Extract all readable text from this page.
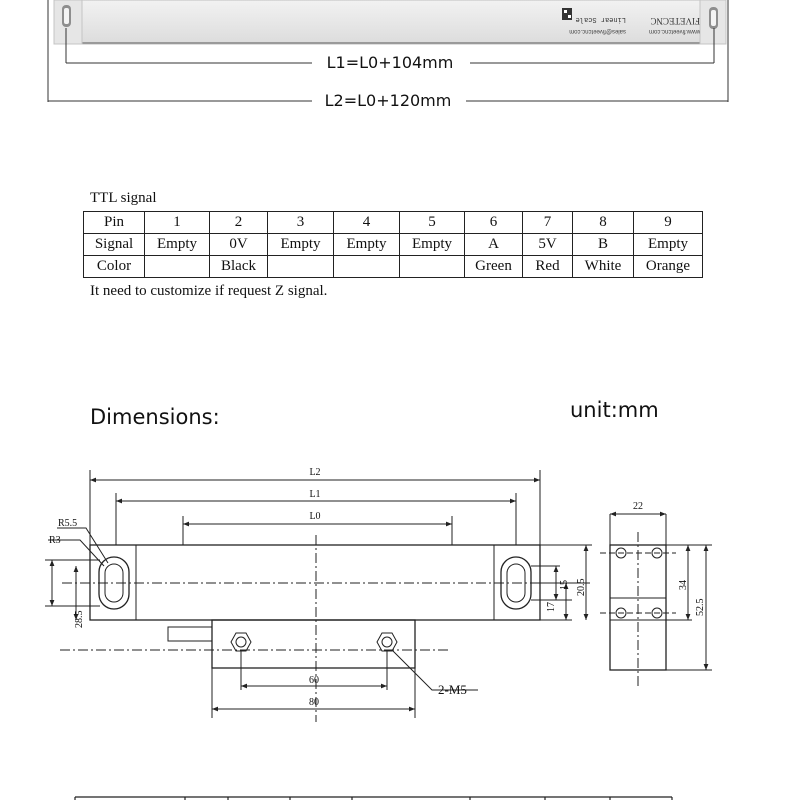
FIVETECNC
www.fiveetcnc.com
Linear Scale
sales@fiveetcnc.com
L1=L0+104mm
L2=L0+120mm
TTL signal
Pin	1	2	3	4	5	6	7	8	9
Signal	Empty	0V	Empty	Empty	Empty	A	5V	B	Empty
Color		Black				Green	Red	White	Orange
It need to customize if request Z signal.
Dimensions:	unit:mm
L2
L1
L0
R5.5
R3
28.5
15
17
20.5
60
80
2-M5
22
34
52.5
